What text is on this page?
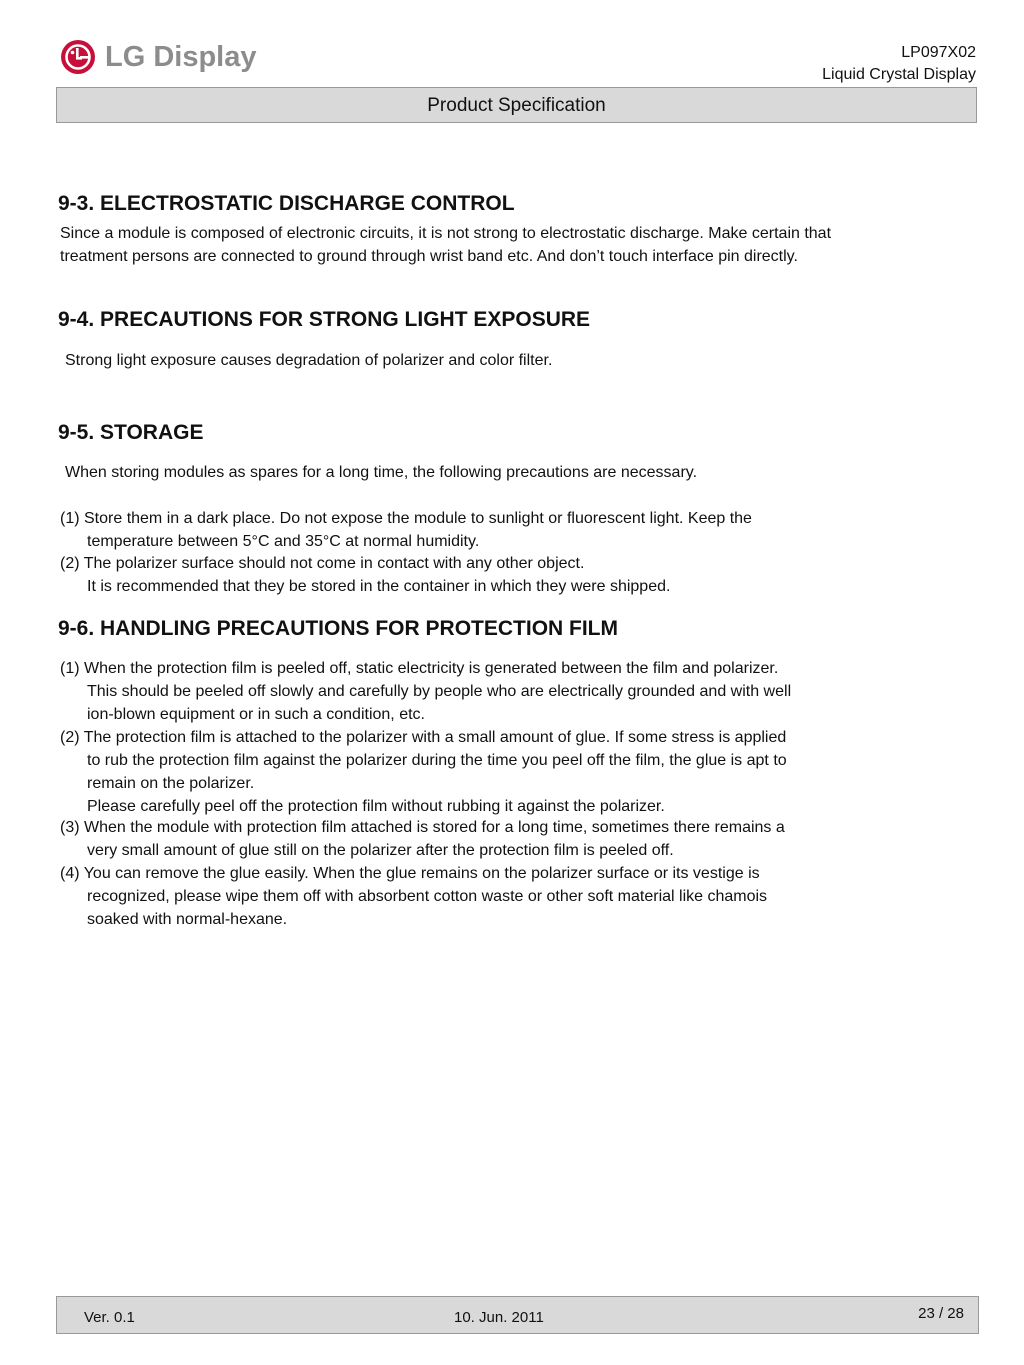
LG Display	LP097X02
Liquid Crystal Display
Product Specification
9-3. ELECTROSTATIC DISCHARGE CONTROL
Since a module is composed of electronic circuits, it is not strong to electrostatic discharge. Make certain that
treatment persons are connected to ground through wrist band etc. And don’t touch interface pin directly.
9-4. PRECAUTIONS FOR STRONG LIGHT EXPOSURE
Strong light exposure causes degradation of polarizer and color filter.
9-5. STORAGE
When storing modules as spares for a long time, the following precautions are necessary.
(1) Store them in a dark place. Do not expose the module to sunlight or fluorescent light. Keep the
temperature between 5°C and 35°C at normal humidity.
(2) The polarizer surface should not come in contact with any other object.
It is recommended that they be stored in the container in which they were shipped.
9-6. HANDLING PRECAUTIONS FOR PROTECTION FILM
(1) When the protection film is peeled off, static electricity is generated between the film and polarizer.
This should be peeled off slowly and carefully by people who are electrically grounded and with well
ion-blown equipment or in such a condition, etc.
(2) The protection film is attached to the polarizer with a small amount of glue. If some stress is applied
to rub the protection film against the polarizer during the time you peel off the film, the glue is apt to
remain on the polarizer.
Please carefully peel off the protection film without rubbing it against the polarizer.
(3) When the module with protection film attached is stored for a long time, sometimes there remains a
very small amount of glue still on the polarizer after the protection film is peeled off.
(4) You can remove the glue easily. When the glue remains on the polarizer surface or its vestige is
recognized, please wipe them off with absorbent cotton waste or other soft material like chamois
soaked with normal-hexane.
Ver. 0.1	10. Jun. 2011	23 / 28
